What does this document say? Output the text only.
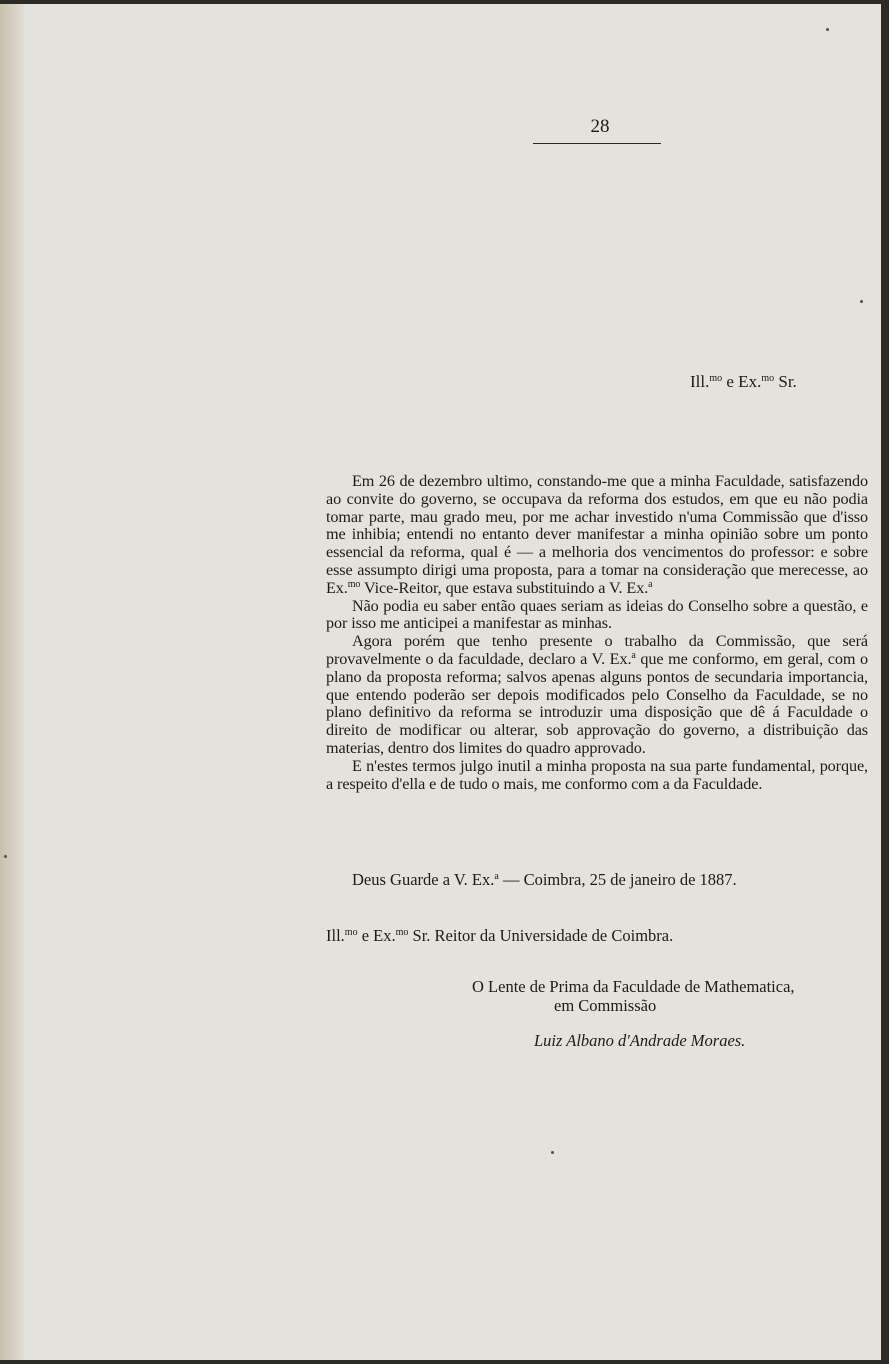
28
Ill.$^{mo}$ e Ex.$^{mo}$ Sr.

Em 26 de dezembro ultimo, constando-me que a minha Faculdade, satisfazendo ao convite do governo, se occupava da reforma dos estudos, em que eu não podia tomar parte, mau grado meu, por me achar investido n'uma Commissão que d'isso me inhibia; entendi no entanto dever manifestar a minha opinião sobre um ponto essencial da reforma, qual é — a melhoria dos vencimentos do professor: e sobre esse assumpto dirigi uma proposta, para a tomar na consideração que merecesse, ao Ex.$^{mo}$ Vice-Reitor, que estava substituindo a V. Ex.$^a$

Não podia eu saber então quaes seriam as ideias do Conselho sobre a questão, e por isso me anticipei a manifestar as minhas.

Agora porém que tenho presente o trabalho da Commissão, que será provavelmente o da faculdade, declaro a V. Ex.$^a$ que me conformo, em geral, com o plano da proposta reforma; salvos apenas alguns pontos de secundaria importancia, que entendo poderão ser depois modificados pelo Conselho da Faculdade, se no plano definitivo da reforma se introduzir uma disposição que dê á Faculdade o direito de modificar ou alterar, sob approvação do governo, a distribuição das materias, dentro dos limites do quadro approvado.

E n'estes termos julgo inutil a minha proposta na sua parte fundamental, porque, a respeito d'ella e de tudo o mais, me conformo com a da Faculdade.

Deus Guarde a V. Ex.$^a$ — Coimbra, 25 de janeiro de 1887.
Ill.$^{mo}$ e Ex.$^{mo}$ Sr. Reitor da Universidade de Coimbra.
O Lente de Prima da Faculdade de Mathematica,
em Commissão
Luiz Albano d'Andrade Moraes.
